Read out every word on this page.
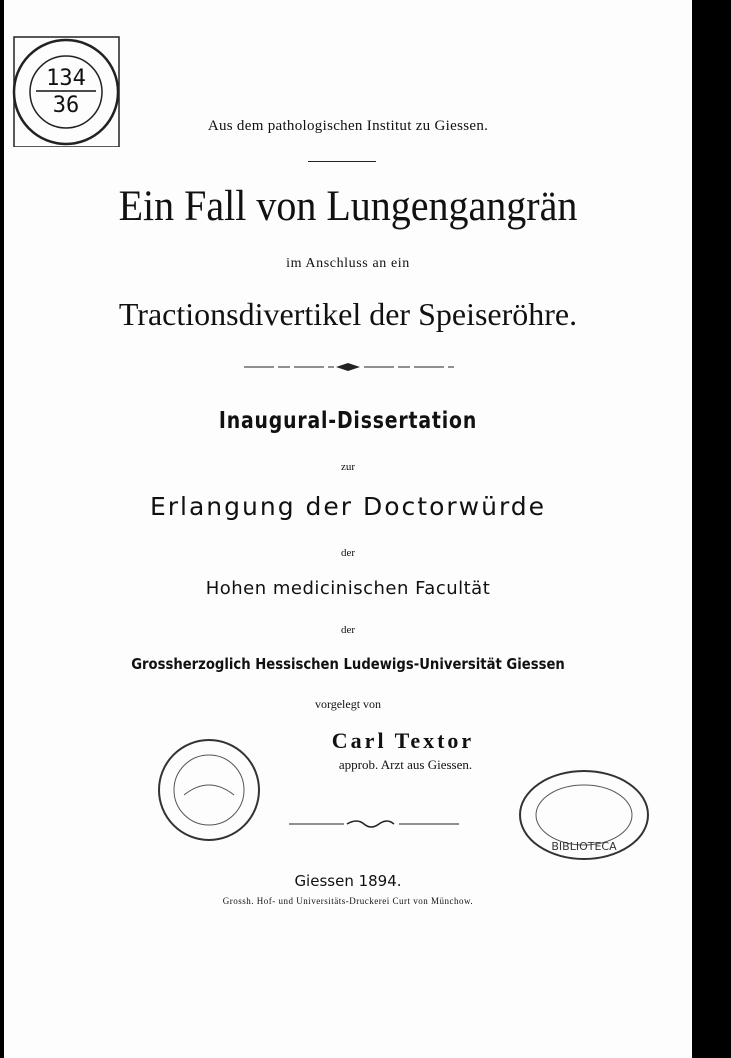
134
36
Aus dem pathologischen Institut zu Giessen.
Ein Fall von Lungengangrän
im Anschluss an ein
Tractionsdivertikel der Speiseröhre.
Inaugural-Dissertation
zur
Erlangung der Doctorwürde
der
Hohen medicinischen Facultät
der
Grossherzoglich Hessischen Ludewigs-Universität Giessen
vorgelegt von
Carl Textor
approb. Arzt aus Giessen.
BIBLIOTECA
Giessen 1894.
Grossh. Hof- und Universitäts-Druckerei Curt von Münchow.
